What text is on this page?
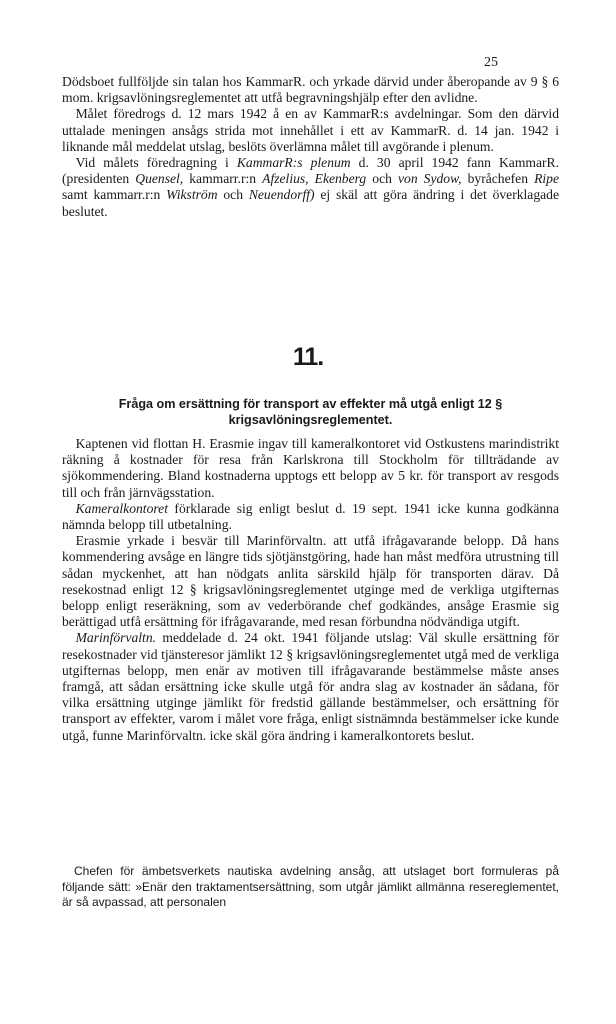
25

Dödsboet fullföljde sin talan hos KammarR. och yrkade därvid under åberopande av 9 § 6 mom. krigsavlöningsreglementet att utfå begravningshjälp efter den avlidne.

Målet föredrogs d. 12 mars 1942 å en av KammarR:s avdelningar. Som den därvid uttalade meningen ansågs strida mot innehållet i ett av KammarR. d. 14 jan. 1942 i liknande mål meddelat utslag, beslöts överlämna målet till avgörande i plenum.

Vid målets föredragning i KammarR:s plenum d. 30 april 1942 fann KammarR. (presidenten Quensel, kammarr.r:n Afzelius, Ekenberg och von Sydow, byråchefen Ripe samt kammarr.r:n Wikström och Neuendorff) ej skäl att göra ändring i det överklagade beslutet.

11.
Fråga om ersättning för transport av effekter må utgå enligt 12 § krigsavlöningsreglementet.

Kaptenen vid flottan H. Erasmie ingav till kameralkontoret vid Ostkustens marindistrikt räkning å kostnader för resa från Karlskrona till Stockholm för tillträdande av sjökommendering. Bland kostnaderna upptogs ett belopp av 5 kr. för transport av resgods till och från järnvägsstation.

Kameralkontoret förklarade sig enligt beslut d. 19 sept. 1941 icke kunna godkänna nämnda belopp till utbetalning.

Erasmie yrkade i besvär till Marinförvaltn. att utfå ifrågavarande belopp. Då hans kommendering avsåge en längre tids sjötjänstgöring, hade han måst medföra utrustning till sådan myckenhet, att han nödgats anlita särskild hjälp för transporten därav. Då resekostnad enligt 12 § krigsavlöningsreglementet utginge med de verkliga utgifternas belopp enligt reseräkning, som av vederbörande chef godkändes, ansåge Erasmie sig berättigad utfå ersättning för ifrågavarande, med resan förbundna nödvändiga utgift.

Marinförvaltn. meddelade d. 24 okt. 1941 följande utslag: Väl skulle ersättning för resekostnader vid tjänsteresor jämlikt 12 § krigsavlöningsreglementet utgå med de verkliga utgifternas belopp, men enär av motiven till ifrågavarande bestämmelse måste anses framgå, att sådan ersättning icke skulle utgå för andra slag av kostnader än sådana, för vilka ersättning utginge jämlikt för fredstid gällande bestämmelser, och ersättning för transport av effekter, varom i målet vore fråga, enligt sistnämnda bestämmelser icke kunde utgå, funne Marinförvaltn. icke skäl göra ändring i kameralkontorets beslut.

Chefen för ämbetsverkets nautiska avdelning ansåg, att utslaget bort formuleras på följande sätt: »Enär den traktamentsersättning, som utgår jämlikt allmänna resereglementet, är så avpassad, att personalen
